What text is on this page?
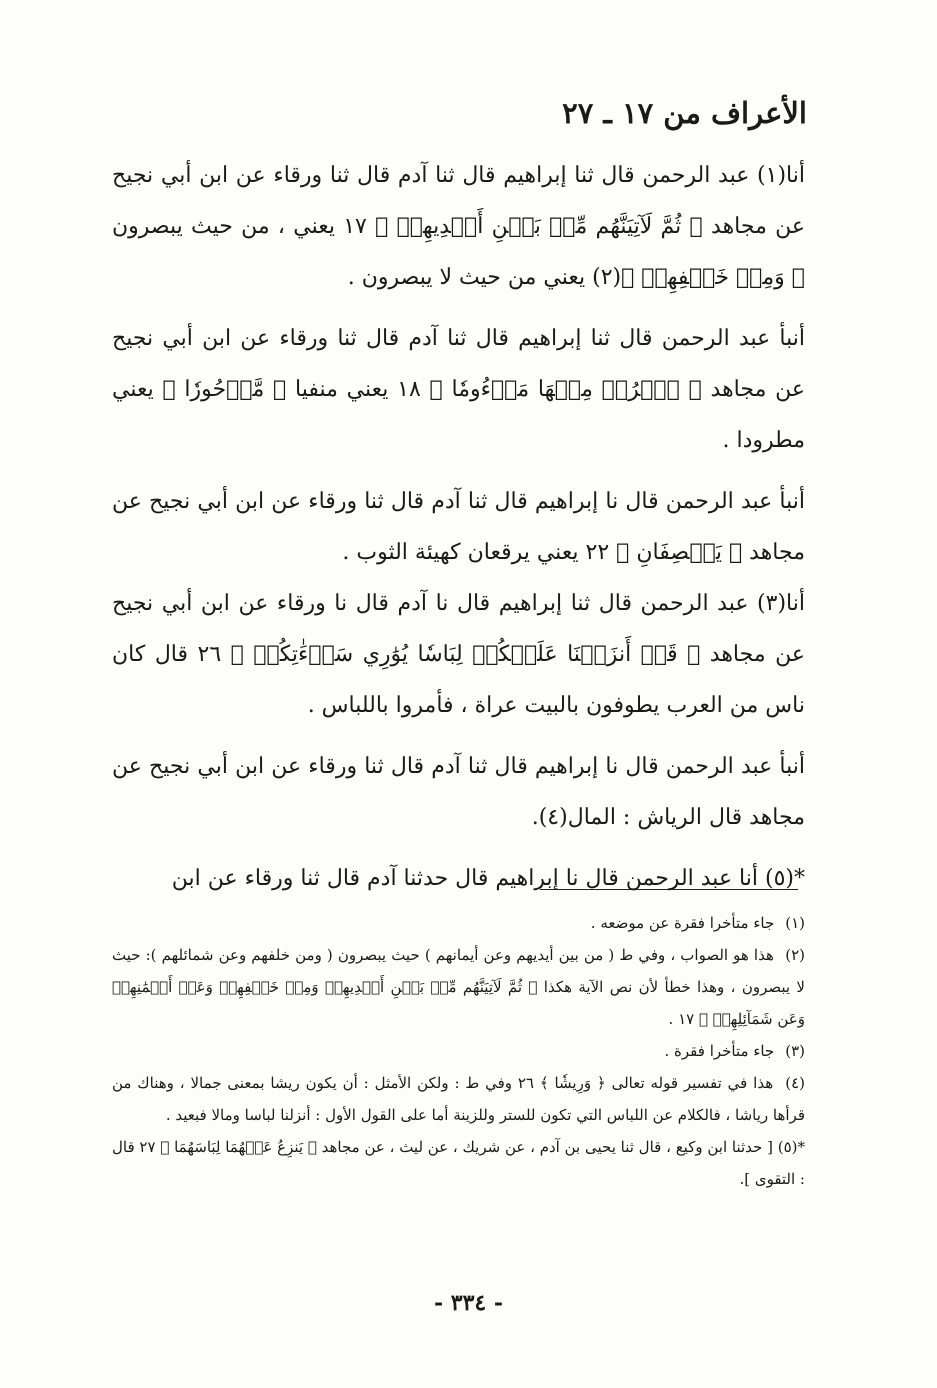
الأعراف من ١٧ ـ ٢٧

أنا(١) عبد الرحمن قال ثنا إبراهيم قال ثنا آدم قال ثنا ورقاء عن ابن أبي نجيح عن مجاهد ﴿ ثُمَّ لَآتِيَنَّهُم مِّنۢ بَيۡنِ أَيۡدِيهِمۡ ﴾ ١٧ يعني ، من حيث يبصرون ﴿ وَمِنۡ خَلۡفِهِمۡ ﴾(٢) يعني من حيث لا يبصرون .

أنبأ عبد الرحمن قال ثنا إبراهيم قال ثنا آدم قال ثنا ورقاء عن ابن أبي نجيح عن مجاهد ﴿ ٱخۡرُجۡ مِنۡهَا مَذۡءُومٗا ﴾ ١٨ يعني منفيا ﴿ مَّدۡحُورٗا ﴾ يعني مطرودا .

أنبأ عبد الرحمن قال نا إبراهيم قال ثنا آدم قال ثنا ورقاء عن ابن أبي نجيح عن مجاهد ﴿ يَخۡصِفَانِ ﴾ ٢٢ يعني يرقعان كهيئة الثوب .

أنا(٣) عبد الرحمن قال ثنا إبراهيم قال نا آدم قال نا ورقاء عن ابن أبي نجيح عن مجاهد ﴿ قَدۡ أَنزَلۡنَا عَلَيۡكُمۡ لِبَاسٗا يُوَٰرِي سَوۡءَٰتِكُمۡ ﴾ ٢٦ قال كان ناس من العرب يطوفون بالبيت عراة ، فأمروا باللباس .

أنبأ عبد الرحمن قال نا إبراهيم قال ثنا آدم قال ثنا ورقاء عن ابن أبي نجيح عن مجاهد قال الرياش : المال(٤).

*(٥) أنا عبد الرحمن قال نا إبراهيم قال حدثنا آدم قال ثنا ورقاء عن ابن

(١) جاء متأخرا فقرة عن موضعه .

(٢) هذا هو الصواب ، وفي ط ( من بين أيديهم وعن أيمانهم ) حيث يبصرون ( ومن خلفهم وعن شمائلهم ): حيث لا يبصرون ، وهذا خطأ لأن نص الآية هكذا ﴿ ثُمَّ لَآتِيَنَّهُم مِّنۢ بَيۡنِ أَيۡدِيهِمۡ وَمِنۡ خَلۡفِهِمۡ وَعَنۡ أَيۡمَٰنِهِمۡ وَعَن شَمَآئِلِهِمۡ ﴾ ١٧ .

(٣) جاء متأخرا فقرة .

(٤) هذا في تفسير قوله تعالى ﴿ وَرِيشٗا ﴾ ٢٦ وفي ط : ولكن الأمثل : أن يكون ريشا بمعنى جمالا ، وهناك من قرأها رياشا ، فالكلام عن اللباس التي تكون للستر وللزينة أما على القول الأول : أنزلنا لباسا ومالا فبعيد .

*(٥) [ حدثنا ابن وكيع ، قال ثنا يحيى بن آدم ، عن شريك ، عن ليث ، عن مجاهد ﴿ يَنزِعُ عَنۡهُمَا لِبَاسَهُمَا ﴾ ٢٧ قال : التقوى ].

- ٣٣٤ -
